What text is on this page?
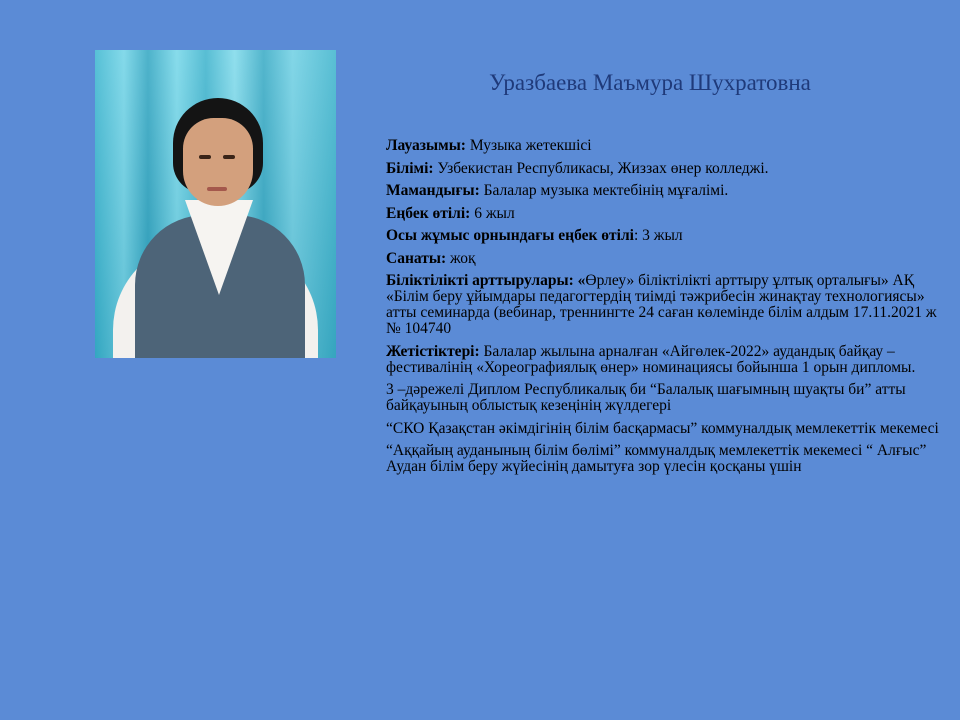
Уразбаева Маъмура Шухратовна

Лауазымы: Музыка жетекшісі

Білімі: Узбекистан Республикасы, Жиззах өнер колледжі.

Мамандығы: Балалар музыка мектебінің мұғалімі.

Еңбек өтілі: 6 жыл

Осы жұмыс орнындағы еңбек өтілі: 3 жыл

Санаты: жоқ

Біліктілікті арттырулары: «Өрлеу» біліктілікті арттыру ұлтық орталығы» АҚ «Білім беру ұйымдары педагогтердің тиімді тәжрибесін жинақтау технологиясы» атты семинарда (вебинар, треннингте 24 саған көлемінде білім алдым 17.11.2021 ж № 104740

Жетістіктері: Балалар жылына арналған «Айгөлек-2022» аудандық байқау – фестивалінің «Хореографиялық өнер» номинациясы бойынша 1 орын дипломы.

3 –дәрежелі Диплом Республикалық би “Балалық шағымның шуақты би” атты байқауының облыстық кезеңінің жүлдегері

“СКО Қазақстан әкімдігінің білім басқармасы” коммуналдық мемлекеттік мекемесі

“Аққайың ауданының білім бөлімі” коммуналдық мемлекеттік мекемесі “ Алғыс” Аудан білім беру жүйесінің дамытуға зор үлесін қосқаны үшін
